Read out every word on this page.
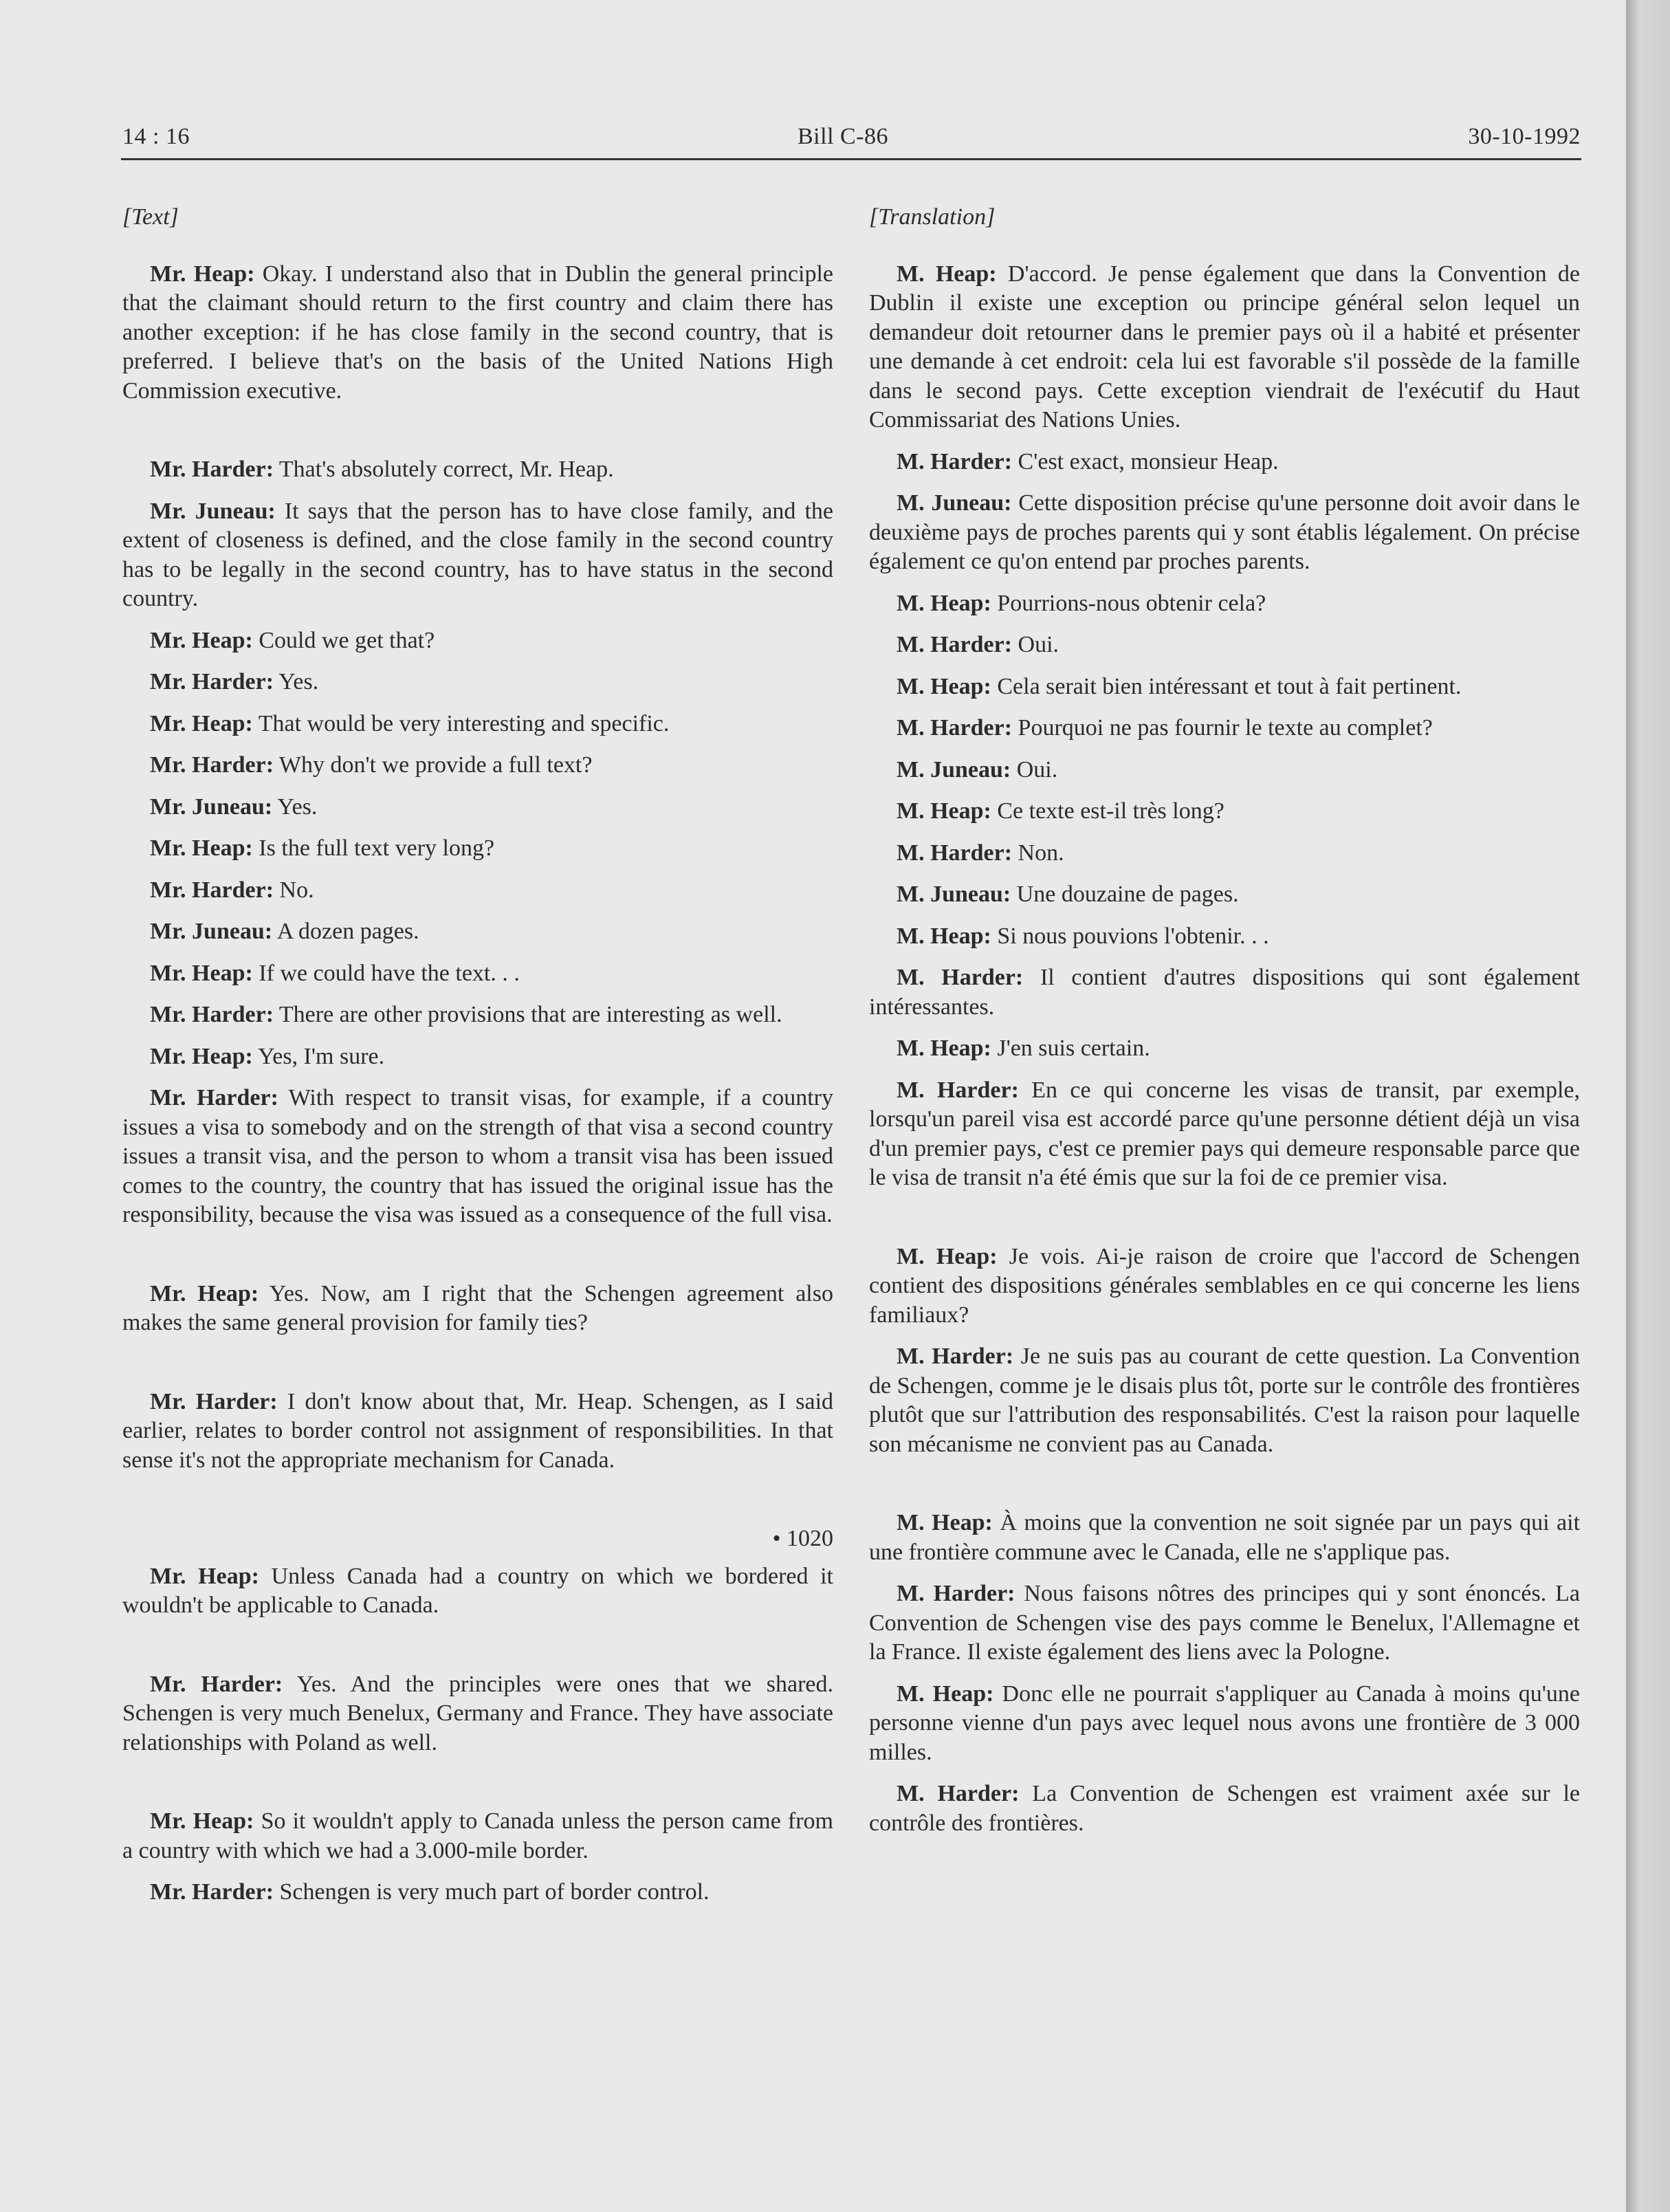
14 : 16	Bill C-86	30-10-1992

[Text]

Mr. Heap: Okay. I understand also that in Dublin the general principle that the claimant should return to the first country and claim there has another exception: if he has close family in the second country, that is preferred. I believe that's on the basis of the United Nations High Commission executive.

Mr. Harder: That's absolutely correct, Mr. Heap.

Mr. Juneau: It says that the person has to have close family, and the extent of closeness is defined, and the close family in the second country has to be legally in the second country, has to have status in the second country.

Mr. Heap: Could we get that?

Mr. Harder: Yes.

Mr. Heap: That would be very interesting and specific.

Mr. Harder: Why don't we provide a full text?

Mr. Juneau: Yes.

Mr. Heap: Is the full text very long?

Mr. Harder: No.

Mr. Juneau: A dozen pages.

Mr. Heap: If we could have the text. . .

Mr. Harder: There are other provisions that are interesting as well.

Mr. Heap: Yes, I'm sure.

Mr. Harder: With respect to transit visas, for example, if a country issues a visa to somebody and on the strength of that visa a second country issues a transit visa, and the person to whom a transit visa has been issued comes to the country, the country that has issued the original issue has the responsibility, because the visa was issued as a consequence of the full visa.

Mr. Heap: Yes. Now, am I right that the Schengen agreement also makes the same general provision for family ties?

Mr. Harder: I don't know about that, Mr. Heap. Schengen, as I said earlier, relates to border control not assignment of responsibilities. In that sense it's not the appropriate mechanism for Canada.

• 1020

Mr. Heap: Unless Canada had a country on which we bordered it wouldn't be applicable to Canada.

Mr. Harder: Yes. And the principles were ones that we shared. Schengen is very much Benelux, Germany and France. They have associate relationships with Poland as well.

Mr. Heap: So it wouldn't apply to Canada unless the person came from a country with which we had a 3.000-mile border.

Mr. Harder: Schengen is very much part of border control.

[Translation]

M. Heap: D'accord. Je pense également que dans la Convention de Dublin il existe une exception ou principe général selon lequel un demandeur doit retourner dans le premier pays où il a habité et présenter une demande à cet endroit: cela lui est favorable s'il possède de la famille dans le second pays. Cette exception viendrait de l'exécutif du Haut Commissariat des Nations Unies.

M. Harder: C'est exact, monsieur Heap.

M. Juneau: Cette disposition précise qu'une personne doit avoir dans le deuxième pays de proches parents qui y sont établis légalement. On précise également ce qu'on entend par proches parents.

M. Heap: Pourrions-nous obtenir cela?

M. Harder: Oui.

M. Heap: Cela serait bien intéressant et tout à fait pertinent.

M. Harder: Pourquoi ne pas fournir le texte au complet?

M. Juneau: Oui.

M. Heap: Ce texte est-il très long?

M. Harder: Non.

M. Juneau: Une douzaine de pages.

M. Heap: Si nous pouvions l'obtenir. . .

M. Harder: Il contient d'autres dispositions qui sont également intéressantes.

M. Heap: J'en suis certain.

M. Harder: En ce qui concerne les visas de transit, par exemple, lorsqu'un pareil visa est accordé parce qu'une personne détient déjà un visa d'un premier pays, c'est ce premier pays qui demeure responsable parce que le visa de transit n'a été émis que sur la foi de ce premier visa.

M. Heap: Je vois. Ai-je raison de croire que l'accord de Schengen contient des dispositions générales semblables en ce qui concerne les liens familiaux?

M. Harder: Je ne suis pas au courant de cette question. La Convention de Schengen, comme je le disais plus tôt, porte sur le contrôle des frontières plutôt que sur l'attribution des responsabilités. C'est la raison pour laquelle son mécanisme ne convient pas au Canada.

M. Heap: À moins que la convention ne soit signée par un pays qui ait une frontière commune avec le Canada, elle ne s'applique pas.

M. Harder: Nous faisons nôtres des principes qui y sont énoncés. La Convention de Schengen vise des pays comme le Benelux, l'Allemagne et la France. Il existe également des liens avec la Pologne.

M. Heap: Donc elle ne pourrait s'appliquer au Canada à moins qu'une personne vienne d'un pays avec lequel nous avons une frontière de 3 000 milles.

M. Harder: La Convention de Schengen est vraiment axée sur le contrôle des frontières.
